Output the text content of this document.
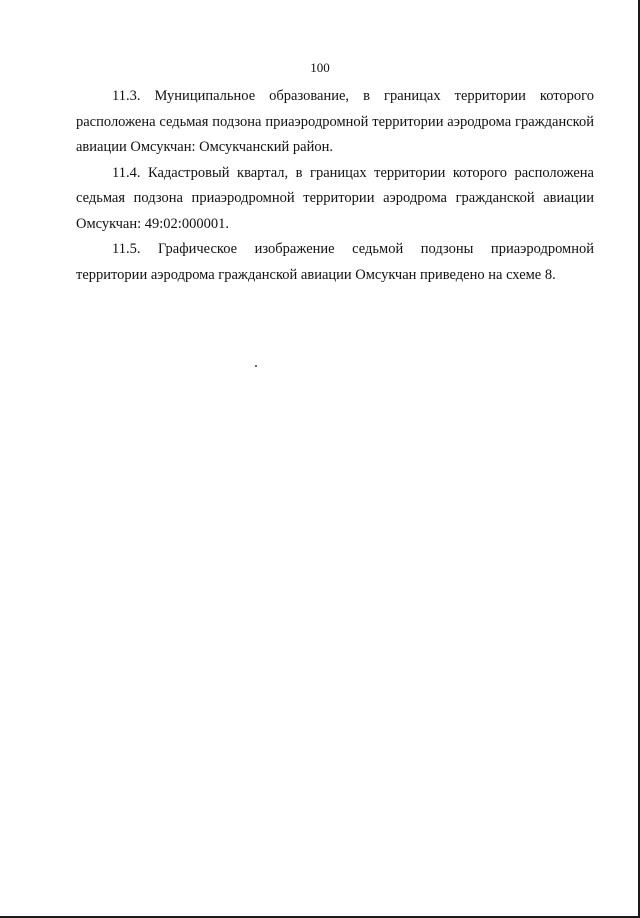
100

11.3. Муниципальное образование, в границах территории которого расположена седьмая подзона приаэродромной территории аэродрома гражданской авиации Омсукчан: Омсукчанский район.

11.4. Кадастровый квартал, в границах территории которого расположена седьмая подзона приаэродромной территории аэродрома гражданской авиации Омсукчан: 49:02:000001.

11.5. Графическое изображение седьмой подзоны приаэродромной территории аэродрома гражданской авиации Омсукчан приведено на схеме 8.
